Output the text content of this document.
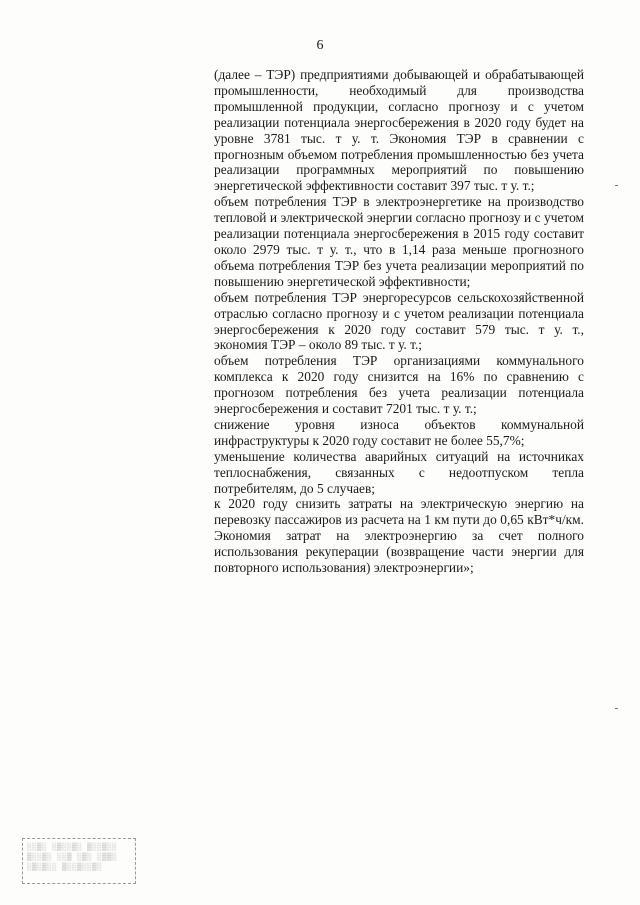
6

(далее – ТЭР) предприятиями добывающей и обрабатывающей промышленности, необходимый для производства промышленной продукции, согласно прогнозу и с учетом реализации потенциала энергосбережения в 2020 году будет на уровне 3781 тыс. т у. т. Экономия ТЭР в сравнении с прогнозным объемом потребления промышленностью без учета реализации программных мероприятий по повышению энергетической эффективности составит 397 тыс. т у. т.;

объем потребления ТЭР в электроэнергетике на производство тепловой и электрической энергии согласно прогнозу и с учетом реализации потенциала энергосбережения в 2015 году составит около 2979 тыс. т у. т., что в 1,14 раза меньше прогнозного объема потребления ТЭР без учета реализации мероприятий по повышению энергетической эффективности;

объем потребления ТЭР энергоресурсов сельскохозяйственной отраслью согласно прогнозу и с учетом реализации потенциала энергосбережения к 2020 году составит 579 тыс. т у. т., экономия ТЭР – около 89 тыс. т у. т.;

объем потребления ТЭР организациями коммунального комплекса к 2020 году снизится на 16% по сравнению с прогнозом потребления без учета реализации потенциала энергосбережения и составит 7201 тыс. т у. т.;

снижение уровня износа объектов коммунальной инфраструктуры к 2020 году составит не более 55,7%;

уменьшение количества аварийных ситуаций на источниках теплоснабжения, связанных с недоотпуском тепла потребителям, до 5 случаев;

к 2020 году снизить затраты на электрическую энергию на перевозку пассажиров из расчета на 1 км пути до 0,65 кВт*ч/км. Экономия затрат на электроэнергию за счет полного использования рекуперации (возвращение части энергии для повторного использования) электроэнергии»;

░░▒░ ░▒░░▒░ ▒░░▒░░
▒░░▒░ ░░▒ ░▒░ ░▒▒░
░▒░▒░░ ▒░░▒░░▒░
